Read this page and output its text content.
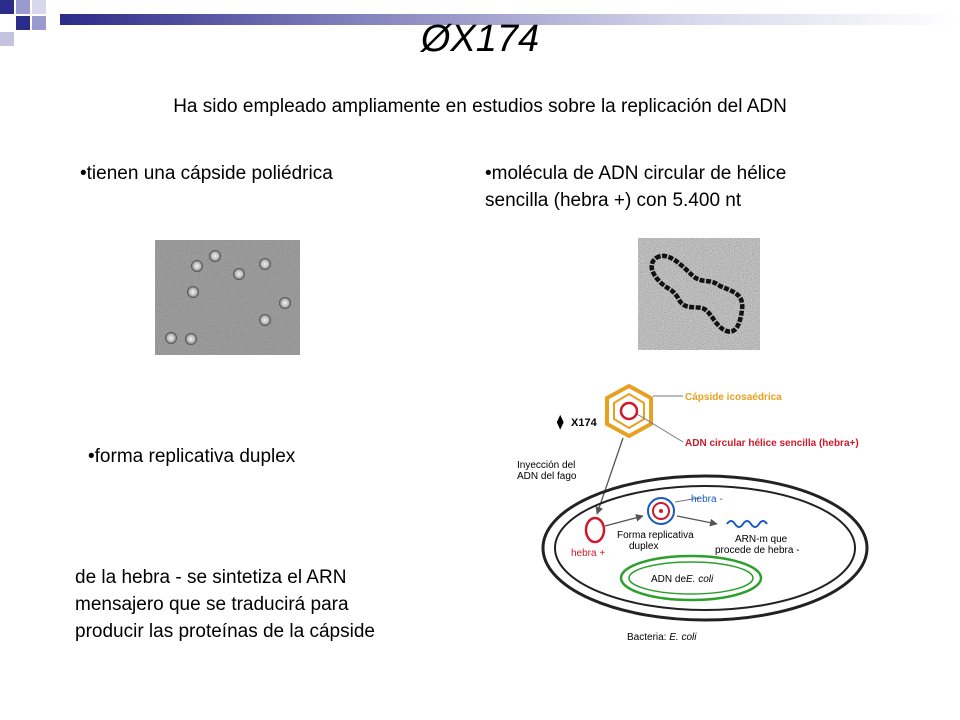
ØX174
Ha sido empleado ampliamente en estudios sobre la replicación del ADN
•tienen una cápside poliédrica	•molécula de ADN circular de hélice
sencilla (hebra +) con 5.400 nt
•forma replicativa duplex
de la hebra - se sintetiza el ARN
mensajero que se traducirá para
producir las proteínas de la cápside
⧫ X174
Cápside icosaédrica
ADN circular hélice sencilla (hebra+)
Inyección del
ADN del fago
hebra +
hebra -
Forma replicativa
duplex
ARN-m que
procede de hebra -
ADN deE. coli
Bacteria: E. coli
